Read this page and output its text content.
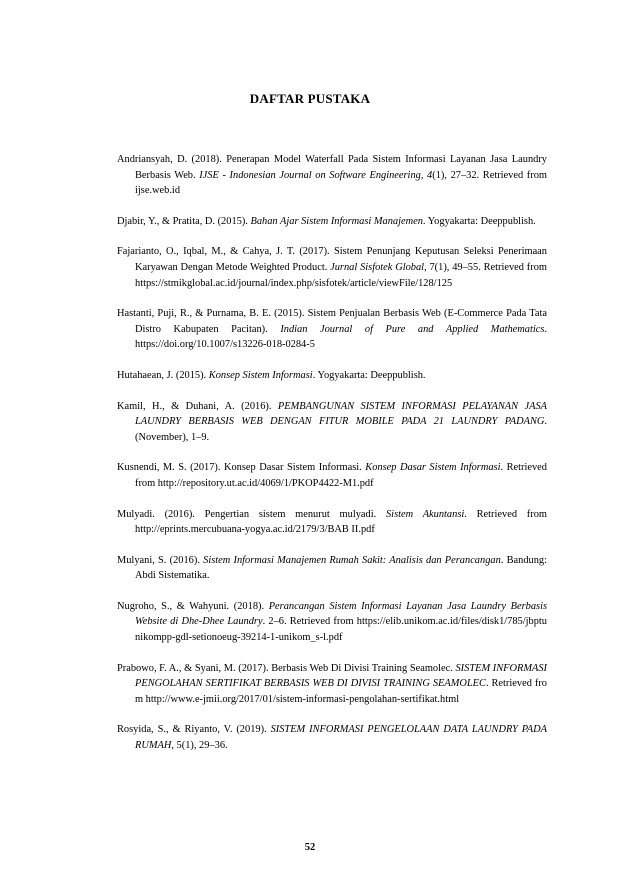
DAFTAR PUSTAKA

Andriansyah, D. (2018). Penerapan Model Waterfall Pada Sistem Informasi Layanan Jasa Laundry Berbasis Web. IJSE - Indonesian Journal on Software Engineering, 4(1), 27–32. Retrieved from ijse.web.id

Djabir, Y., & Pratita, D. (2015). Bahan Ajar Sistem Informasi Manajemen. Yogyakarta: Deeppublish.

Fajarianto, O., Iqbal, M., & Cahya, J. T. (2017). Sistem Penunjang Keputusan Seleksi Penerimaan Karyawan Dengan Metode Weighted Product. Jurnal Sisfotek Global, 7(1), 49–55. Retrieved from https://stmikglobal.ac.id/journal/index.php/sisfotek/article/viewFile/128/125

Hastanti, Puji, R., & Purnama, B. E. (2015). Sistem Penjualan Berbasis Web (E-Commerce Pada Tata Distro Kabupaten Pacitan). Indian Journal of Pure and Applied Mathematics. https://doi.org/10.1007/s13226-018-0284-5

Hutahaean, J. (2015). Konsep Sistem Informasi. Yogyakarta: Deeppublish.

Kamil, H., & Duhani, A. (2016). PEMBANGUNAN SISTEM INFORMASI PELAYANAN JASA LAUNDRY BERBASIS WEB DENGAN FITUR MOBILE PADA 21 LAUNDRY PADANG. (November), 1–9.

Kusnendi, M. S. (2017). Konsep Dasar Sistem Informasi. Konsep Dasar Sistem Informasi. Retrieved from http://repository.ut.ac.id/4069/1/PKOP4422-M1.pdf

Mulyadi. (2016). Pengertian sistem menurut mulyadi. Sistem Akuntansi. Retrieved from http://eprints.mercubuana-yogya.ac.id/2179/3/BAB II.pdf

Mulyani, S. (2016). Sistem Informasi Manajemen Rumah Sakit: Analisis dan Perancangan. Bandung: Abdi Sistematika.

Nugroho, S., & Wahyuni. (2018). Perancangan Sistem Informasi Layanan Jasa Laundry Berbasis Website di Dhe-Dhee Laundry. 2–6. Retrieved from https://elib.unikom.ac.id/files/disk1/785/jbptunikompp-gdl-setionoeug-39214-1-unikom_s-l.pdf

Prabowo, F. A., & Syani, M. (2017). Berbasis Web Di Divisi Training Seamolec. SISTEM INFORMASI PENGOLAHAN SERTIFIKAT BERBASIS WEB DI DIVISI TRAINING SEAMOLEC. Retrieved from http://www.e-jmii.org/2017/01/sistem-informasi-pengolahan-sertifikat.html

Rosyida, S., & Riyanto, V. (2019). SISTEM INFORMASI PENGELOLAAN DATA LAUNDRY PADA RUMAH, 5(1), 29–36.

52
